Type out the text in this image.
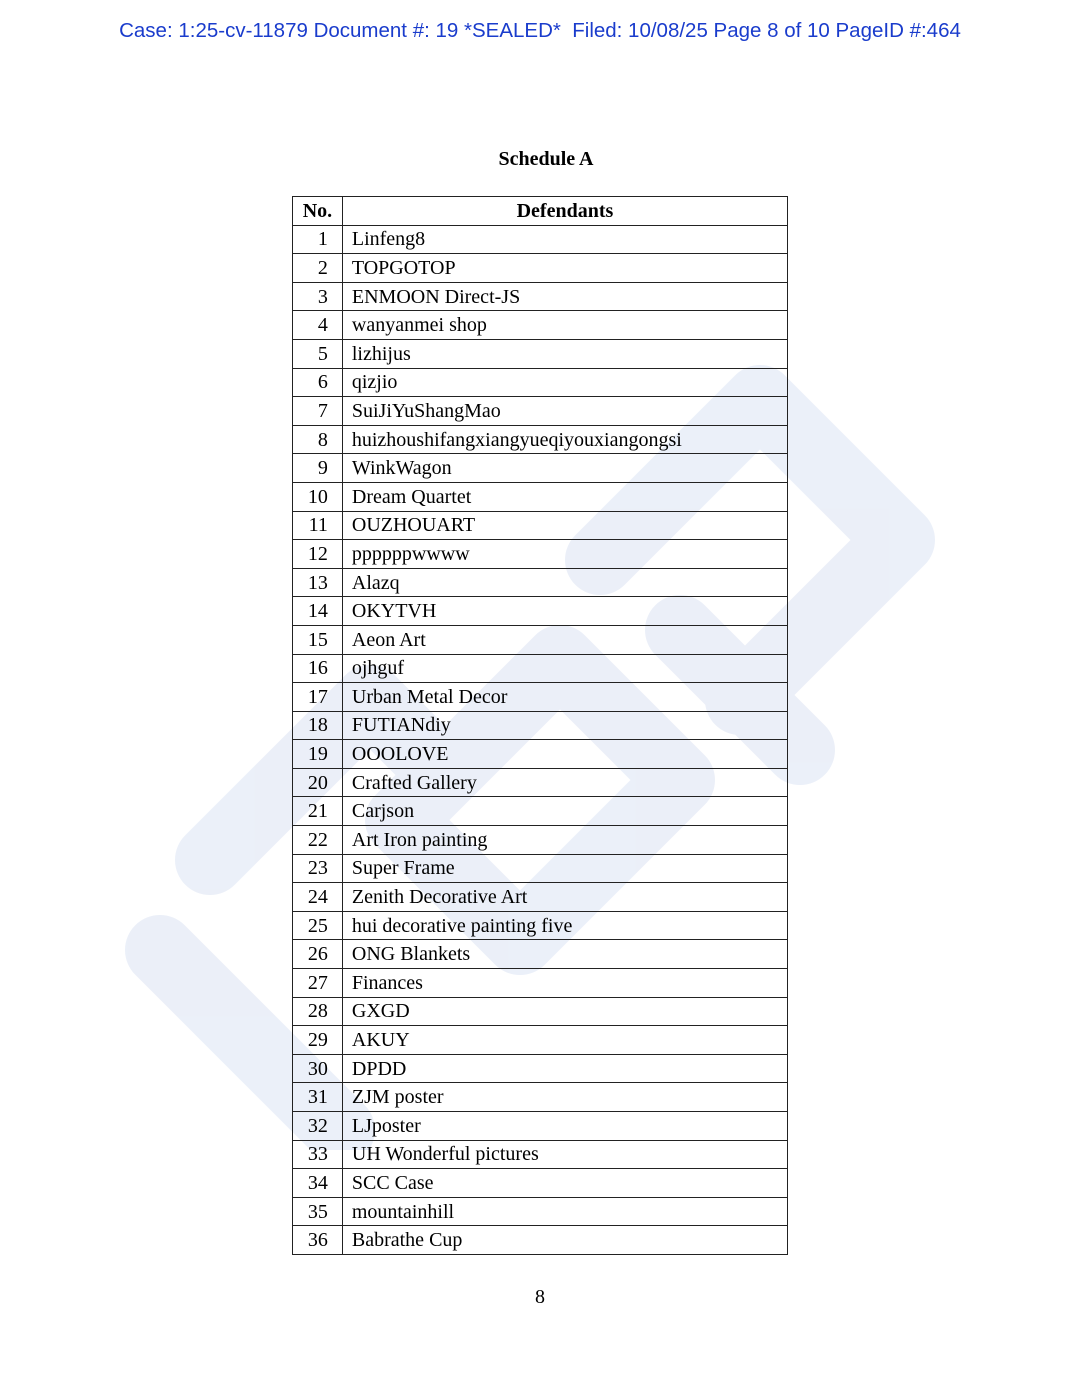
Case: 1:25-cv-11879 Document #: 19 *SEALED*  Filed: 10/08/25 Page 8 of 10 PageID #:464
Schedule A
No.	Defendants
1	Linfeng8
2	TOPGOTOP
3	ENMOON Direct-JS
4	wanyanmei shop
5	lizhijus
6	qizjio
7	SuiJiYuShangMao
8	huizhoushifangxiangyueqiyouxiangongsi
9	WinkWagon
10	Dream Quartet
11	OUZHOUART
12	ppppppwwww
13	Alazq
14	OKYTVH
15	Aeon Art
16	ojhguf
17	Urban Metal Decor
18	FUTIANdiy
19	OOOLOVE
20	Crafted Gallery
21	Carjson
22	Art Iron painting
23	Super Frame
24	Zenith Decorative Art
25	hui decorative painting five
26	ONG Blankets
27	Finances
28	GXGD
29	AKUY
30	DPDD
31	ZJM poster
32	LJposter
33	UH Wonderful pictures
34	SCC Case
35	mountainhill
36	Babrathe Cup
8
